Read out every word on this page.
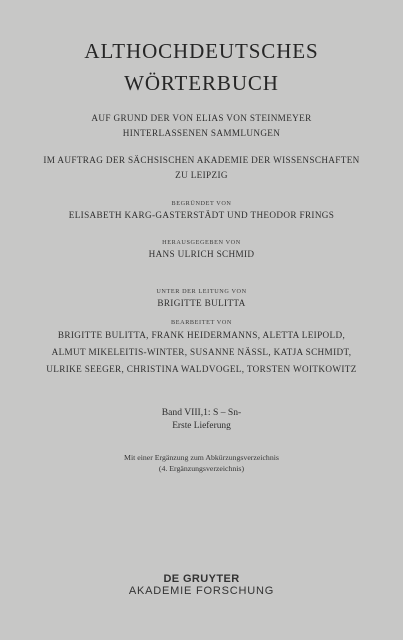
ALTHOCHDEUTSCHES
WÖRTERBUCH
AUF GRUND DER VON ELIAS VON STEINMEYER
HINTERLASSENEN SAMMLUNGEN
IM AUFTRAG DER SÄCHSISCHEN AKADEMIE DER WISSENSCHAFTEN
ZU LEIPZIG
BEGRÜNDET VON
ELISABETH KARG-GASTERSTÄDT UND THEODOR FRINGS
HERAUSGEGEBEN VON
HANS ULRICH SCHMID
UNTER DER LEITUNG VON
BRIGITTE BULITTA
BEARBEITET VON
BRIGITTE BULITTA, FRANK HEIDERMANNS, ALETTA LEIPOLD,
ALMUT MIKELEITIS-WINTER, SUSANNE NÄSSL, KATJA SCHMIDT,
ULRIKE SEEGER, CHRISTINA WALDVOGEL, TORSTEN WOITKOWITZ
Band VIII,1: S – Sn-
Erste Lieferung
Mit einer Ergänzung zum Abkürzungsverzeichnis
(4. Ergänzungsverzeichnis)
DE GRUYTER
AKADEMIE FORSCHUNG
